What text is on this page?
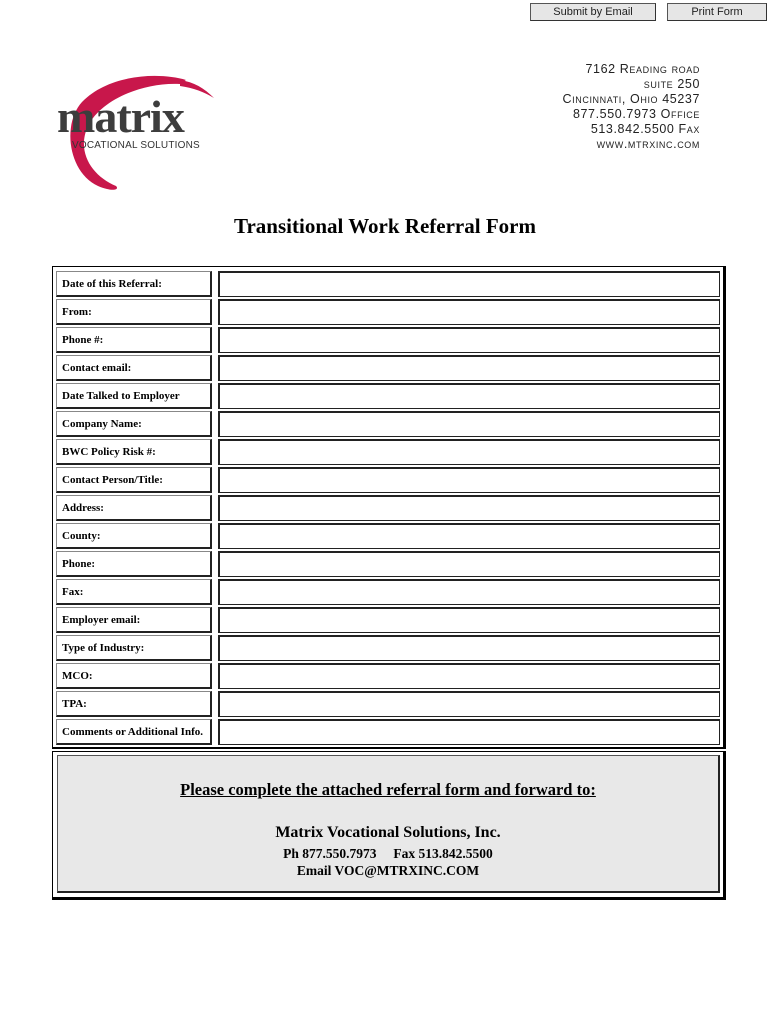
Submit by Email	Print Form
matrix
VOCATIONAL SOLUTIONS
7162 Reading road
suite 250
Cincinnati, Ohio 45237
877.550.7973 Office
513.842.5500 Fax
www.mtrxinc.com
Transitional Work Referral Form
Date of this Referral:
From:
Phone #:
Contact email:
Date Talked to Employer
Company Name:
BWC Policy Risk #:
Contact Person/Title:
Address:
County:
Phone:
Fax:
Employer email:
Type of Industry:
MCO:
TPA:
Comments or Additional Info.
Please complete the attached referral form and forward to:
Matrix Vocational Solutions, Inc.
Ph 877.550.7973     Fax 513.842.5500
Email VOC@MTRXINC.COM
